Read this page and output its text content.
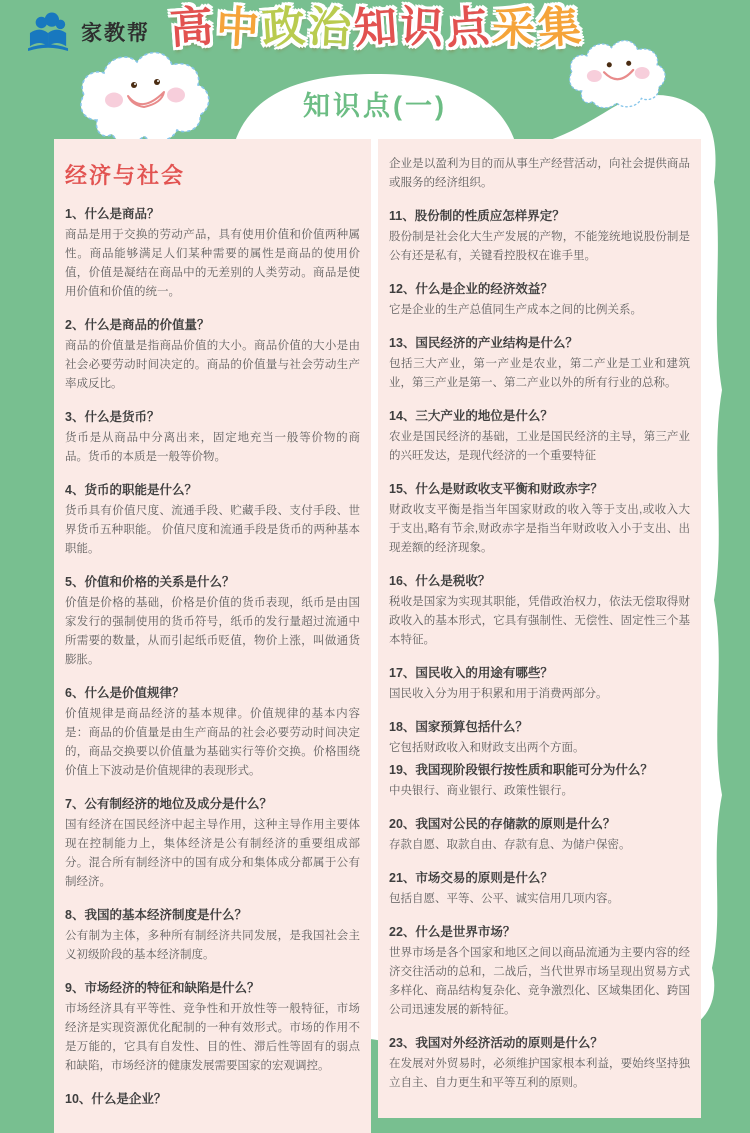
家教帮 高 中 政 治 知 识 点 采 集
知识点(一)
经济与社会

1、什么是商品？

商品是用于交换的劳动产品，具有使用价值和价值两种属性。商品能够满足人们某种需要的属性是商品的使用价值，价值是凝结在商品中的无差别的人类劳动。商品是使用价值和价值的统一。

2、什么是商品的价值量？

商品的价值量是指商品价值的大小。商品价值的大小是由社会必要劳动时间决定的。商品的价值量与社会劳动生产率成反比。

3、什么是货币？

货币是从商品中分离出来，固定地充当一般等价物的商品。货币的本质是一般等价物。

4、货币的职能是什么？

货币具有价值尺度、流通手段、贮藏手段、支付手段、世界货币五种职能。 价值尺度和流通手段是货币的两种基本职能。

5、价值和价格的关系是什么？

价值是价格的基础，价格是价值的货币表现，纸币是由国家发行的强制使用的货币符号，纸币的发行量超过流通中所需要的数量，从而引起纸币贬值，物价上涨，叫做通货膨胀。

6、什么是价值规律？

价值规律是商品经济的基本规律。价值规律的基本内容是：商品的价值量是由生产商品的社会必要劳动时间决定的，商品交换要以价值量为基础实行等价交换。价格围绕价值上下波动是价值规律的表现形式。

7、公有制经济的地位及成分是什么？

国有经济在国民经济中起主导作用，这种主导作用主要体现在控制能力上，集体经济是公有制经济的重要组成部分。混合所有制经济中的国有成分和集体成分都属于公有制经济。

8、我国的基本经济制度是什么？

公有制为主体，多种所有制经济共同发展，是我国社会主义初级阶段的基本经济制度。

9、市场经济的特征和缺陷是什么？

市场经济具有平等性、竞争性和开放性等一般特征，市场经济是实现资源优化配制的一种有效形式。市场的作用不是万能的，它具有自发性、目的性、滞后性等固有的弱点和缺陷，市场经济的健康发展需要国家的宏观调控。

10、什么是企业？

企业是以盈利为目的而从事生产经营活动，向社会提供商品或服务的经济组织。

11、股份制的性质应怎样界定？

股份制是社会化大生产发展的产物，不能笼统地说股份制是公有还是私有，关键看控股权在谁手里。

12、什么是企业的经济效益？

它是企业的生产总值同生产成本之间的比例关系。

13、国民经济的产业结构是什么？

包括三大产业，第一产业是农业，第二产业是工业和建筑业，第三产业是第一、第二产业以外的所有行业的总称。

14、三大产业的地位是什么？

农业是国民经济的基础，工业是国民经济的主导，第三产业的兴旺发达，是现代经济的一个重要特征

15、什么是财政收支平衡和财政赤字？

财政收支平衡是指当年国家财政的收入等于支出,或收入大于支出,略有节余,财政赤字是指当年财政收入小于支出、出现差额的经济现象。

16、什么是税收？

税收是国家为实现其职能，凭借政治权力，依法无偿取得财政收入的基本形式，它具有强制性、无偿性、固定性三个基本特征。

17、国民收入的用途有哪些？

国民收入分为用于积累和用于消费两部分。

18、国家预算包括什么？

它包括财政收入和财政支出两个方面。

19、我国现阶段银行按性质和职能可分为什么？

中央银行、商业银行、政策性银行。

20、我国对公民的存储款的原则是什么？

存款自愿、取款自由、存款有息、为储户保密。

21、市场交易的原则是什么？

包括自愿、平等、公平、诚实信用几项内容。

22、什么是世界市场？

世界市场是各个国家和地区之间以商品流通为主要内容的经济交往活动的总和，二战后，当代世界市场呈现出贸易方式多样化、商品结构复杂化、竞争激烈化、区域集团化、跨国公司迅速发展的新特征。

23、我国对外经济活动的原则是什么？

在发展对外贸易时，必须维护国家根本利益，要始终坚持独立自主、自力更生和平等互利的原则。
